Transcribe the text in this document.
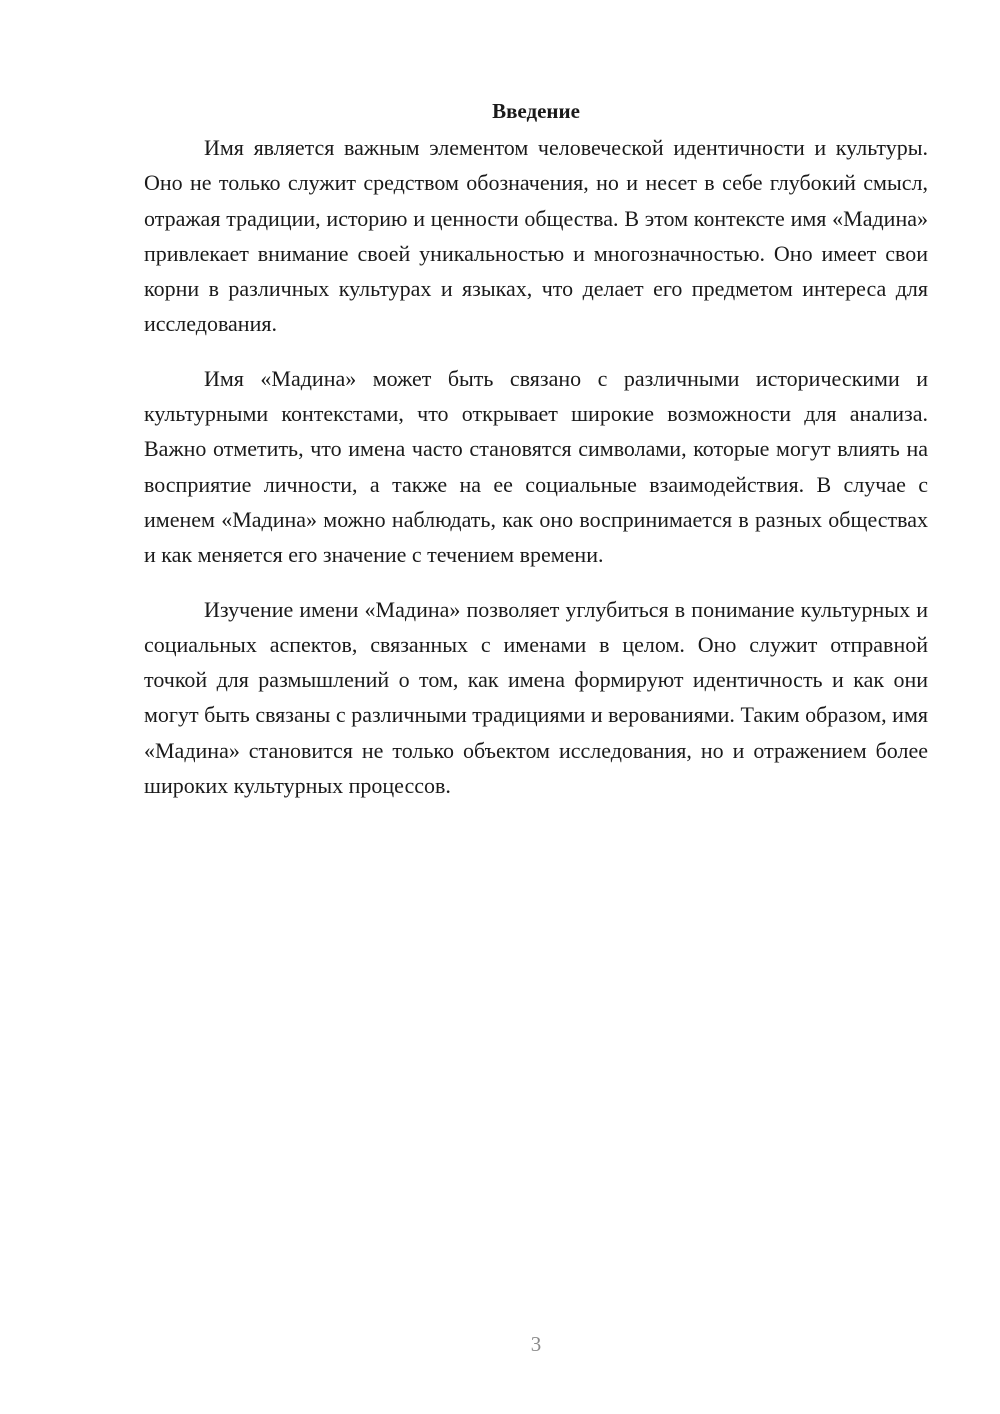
Введение

Имя является важным элементом человеческой идентичности и культуры. Оно не только служит средством обозначения, но и несет в себе глубокий смысл, отражая традиции, историю и ценности общества. В этом контексте имя «Мадина» привлекает внимание своей уникальностью и многозначностью. Оно имеет свои корни в различных культурах и языках, что делает его предметом интереса для исследования.

Имя «Мадина» может быть связано с различными историческими и культурными контекстами, что открывает широкие возможности для анализа. Важно отметить, что имена часто становятся символами, которые могут влиять на восприятие личности, а также на ее социальные взаимодействия. В случае с именем «Мадина» можно наблюдать, как оно воспринимается в разных обществах и как меняется его значение с течением времени.

Изучение имени «Мадина» позволяет углубиться в понимание культурных и социальных аспектов, связанных с именами в целом. Оно служит отправной точкой для размышлений о том, как имена формируют идентичность и как они могут быть связаны с различными традициями и верованиями. Таким образом, имя «Мадина» становится не только объектом исследования, но и отражением более широких культурных процессов.

3
